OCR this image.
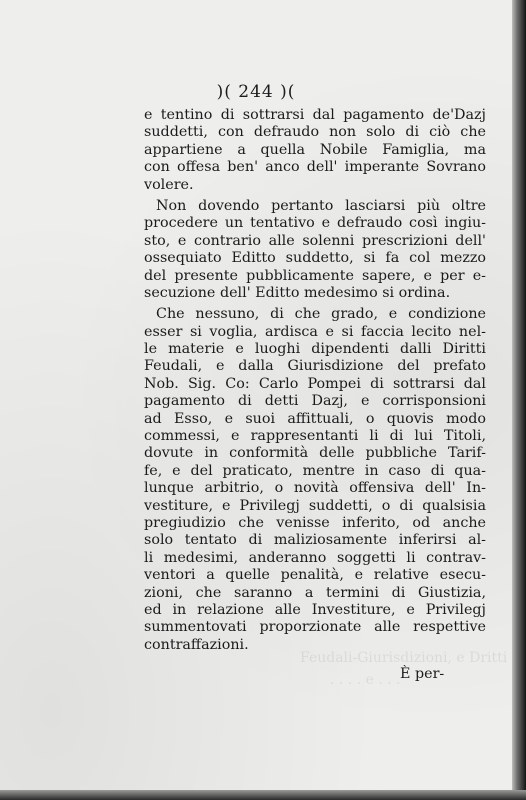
Feudali-Giurisdizioni, e Dritti
. . . . e . . .
)( 244 )(
e tentino di sottrarsi dal pagamento de'Dazj
suddetti, con defraudo non solo di ciò che
appartiene a quella Nobile Famiglia, ma
con offesa ben' anco dell' imperante Sovrano
volere.
Non dovendo pertanto lasciarsi più oltre
procedere un tentativo e defraudo così ingiu-
sto, e contrario alle solenni prescrizioni dell'
ossequiato Editto suddetto, si fa col mezzo
del presente pubblicamente sapere, e per e-
secuzione dell' Editto medesimo si ordina.
Che nessuno, di che grado, e condizione
esser si voglia, ardisca e si faccia lecito nel-
le materie e luoghi dipendenti dalli Diritti
Feudali, e dalla Giurisdizione del prefato
Nob. Sig. Co: Carlo Pompei di sottrarsi dal
pagamento di detti Dazj, e corrisponsioni
ad Esso, e suoi affittuali, o quovis modo
commessi, e rappresentanti li di lui Titoli,
dovute in conformità delle pubbliche Tarif-
fe, e del praticato, mentre in caso di qua-
lunque arbitrio, o novità offensiva dell' In-
vestiture, e Privilegj suddetti, o di qualsisia
pregiudizio che venisse inferito, od anche
solo tentato di maliziosamente inferirsi al-
li medesimi, anderanno soggetti li contrav-
ventori a quelle penalità, e relative esecu-
zioni, che saranno a termini di Giustizia,
ed in relazione alle Investiture, e Privilegj
summentovati proporzionate alle respettive
contraffazioni.
È per-
